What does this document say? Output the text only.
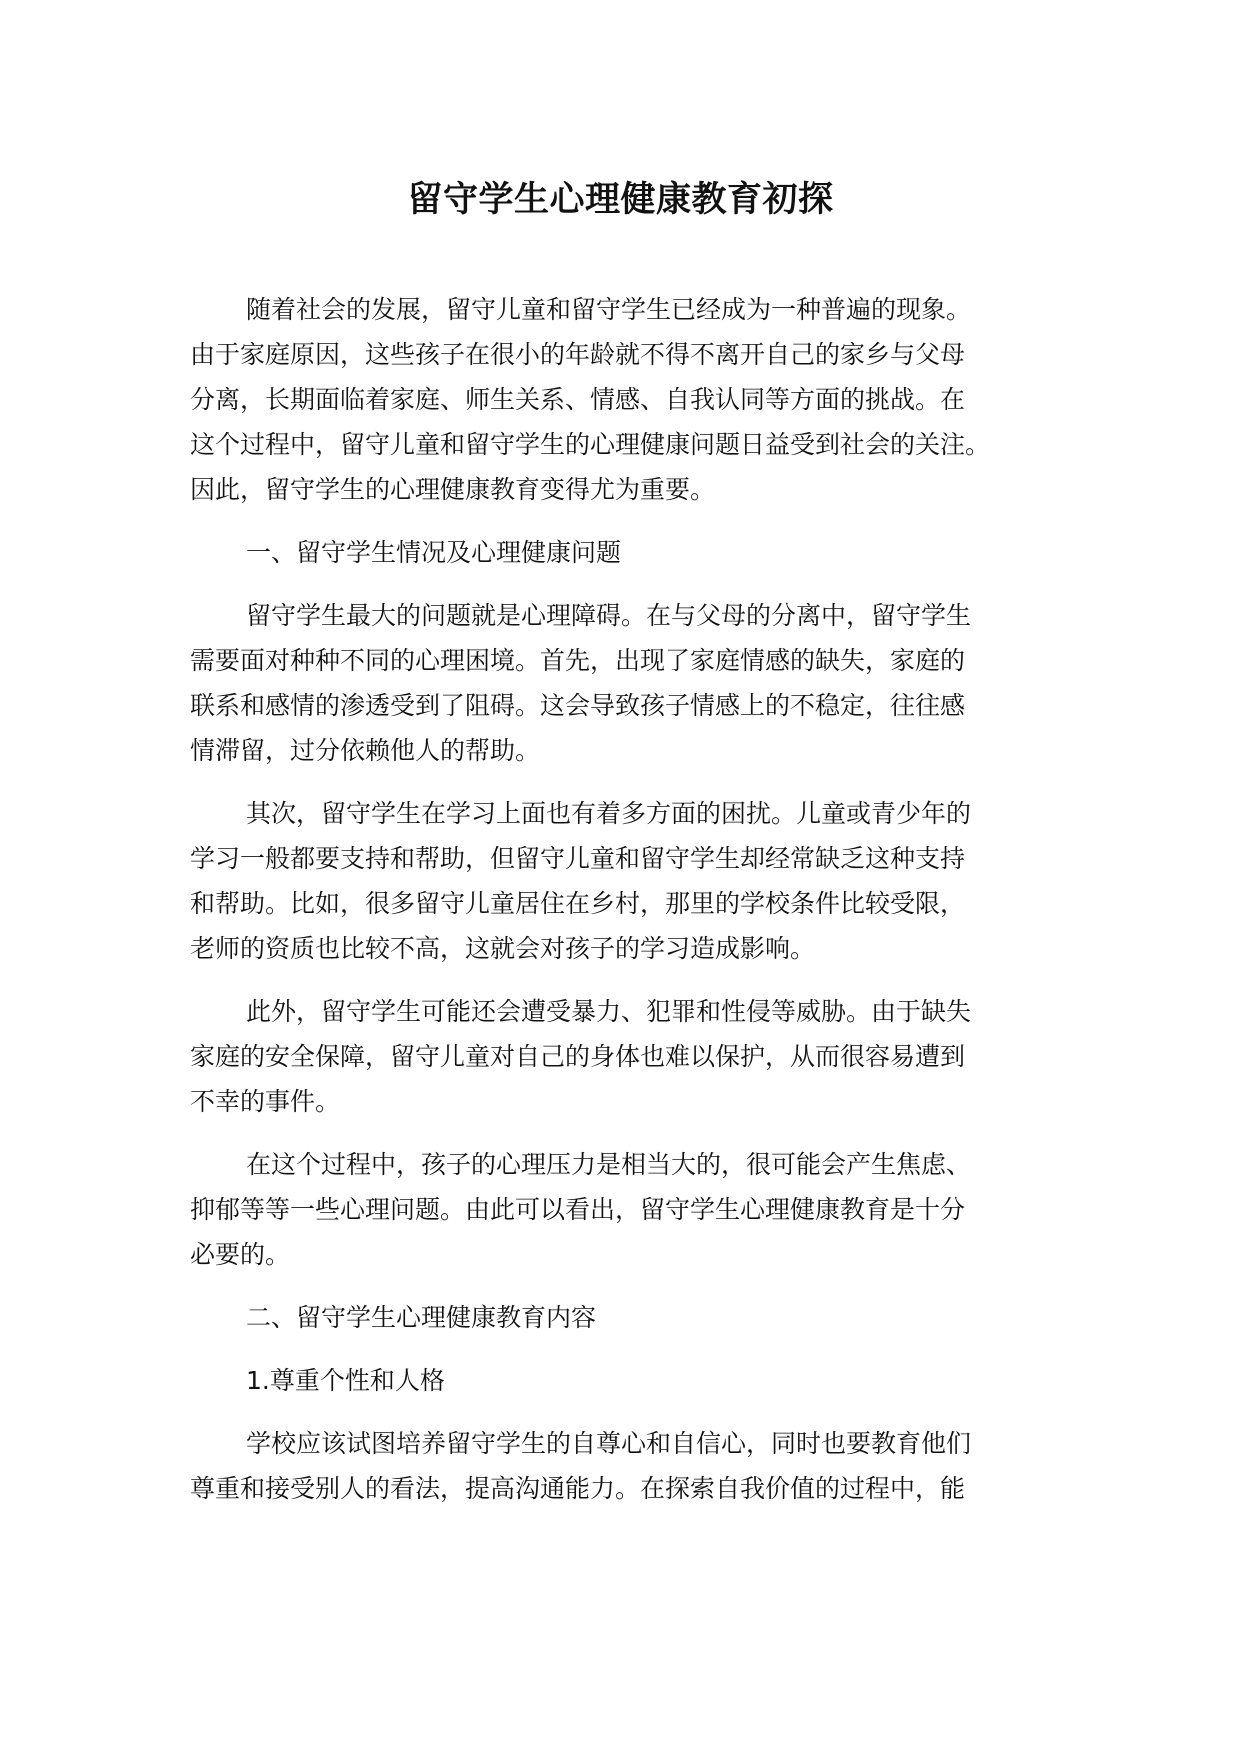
留守学生心理健康教育初探
随着社会的发展，留守儿童和留守学生已经成为一种普遍的现象。
由于家庭原因，这些孩子在很小的年龄就不得不离开自己的家乡与父母
分离，长期面临着家庭、师生关系、情感、自我认同等方面的挑战。在
这个过程中，留守儿童和留守学生的心理健康问题日益受到社会的关注。
因此，留守学生的心理健康教育变得尤为重要。
一、留守学生情况及心理健康问题
留守学生最大的问题就是心理障碍。在与父母的分离中，留守学生
需要面对种种不同的心理困境。首先，出现了家庭情感的缺失，家庭的
联系和感情的渗透受到了阻碍。这会导致孩子情感上的不稳定，往往感
情滞留，过分依赖他人的帮助。
其次，留守学生在学习上面也有着多方面的困扰。儿童或青少年的
学习一般都要支持和帮助，但留守儿童和留守学生却经常缺乏这种支持
和帮助。比如，很多留守儿童居住在乡村，那里的学校条件比较受限，
老师的资质也比较不高，这就会对孩子的学习造成影响。
此外，留守学生可能还会遭受暴力、犯罪和性侵等威胁。由于缺失
家庭的安全保障，留守儿童对自己的身体也难以保护，从而很容易遭到
不幸的事件。
在这个过程中，孩子的心理压力是相当大的，很可能会产生焦虑、
抑郁等等一些心理问题。由此可以看出，留守学生心理健康教育是十分
必要的。
二、留守学生心理健康教育内容
1.尊重个性和人格
学校应该试图培养留守学生的自尊心和自信心，同时也要教育他们
尊重和接受别人的看法，提高沟通能力。在探索自我价值的过程中，能
